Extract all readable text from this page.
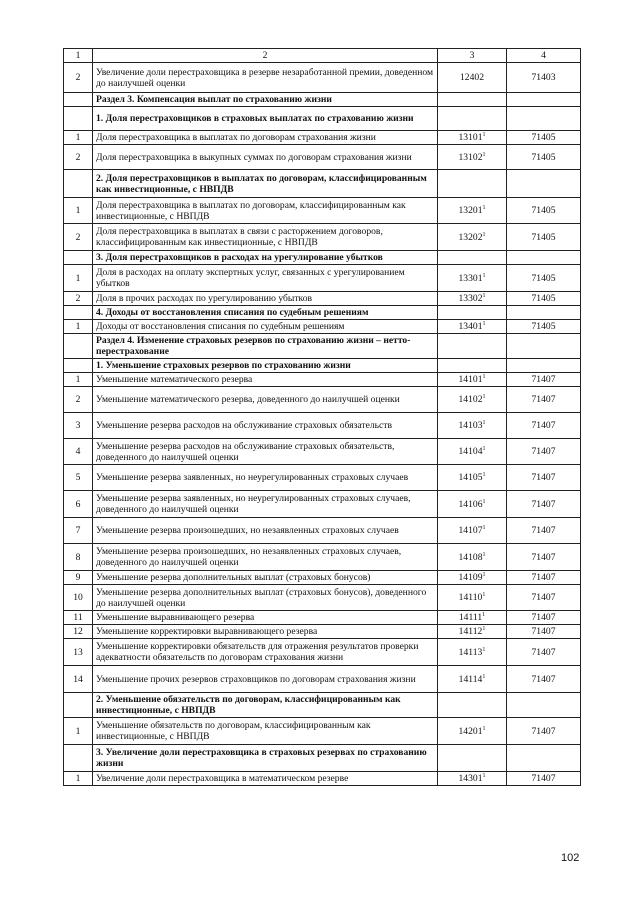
1	2	3	4
2	Увеличение доли перестраховщика в резерве незаработанной премии, доведенном до наилучшей оценки	12402	71403
	Раздел 3. Компенсация выплат по страхованию жизни		
	1. Доля перестраховщиков в страховых выплатах по страхованию жизни		
1	Доля перестраховщика в выплатах по договорам страхования жизни	13101$^1$	71405
2	Доля перестраховщика в выкупных суммах по договорам страхования жизни	13102$^1$	71405
	2. Доля перестраховщиков в выплатах по договорам, классифицированным как инвестиционные, с НВПДВ		
1	Доля перестраховщика в выплатах по договорам, классифицированным как инвестиционные, с НВПДВ	13201$^1$	71405
2	Доля перестраховщика в выплатах в связи с расторжением договоров, классифицированным как инвестиционные, с НВПДВ	13202$^1$	71405
	3. Доля перестраховщиков в расходах на урегулирование убытков		
1	Доля в расходах на оплату экспертных услуг, связанных с урегулированием убытков	13301$^1$	71405
2	Доля в прочих расходах по урегулированию убытков	13302$^1$	71405
	4. Доходы от восстановления списания по судебным решениям		
1	Доходы от восстановления списания по судебным решениям	13401$^1$	71405
	Раздел 4. Изменение страховых резервов по страхованию жизни – нетто-перестрахование		
	1. Уменьшение страховых резервов по страхованию жизни		
1	Уменьшение математического резерва	14101$^1$	71407
2	Уменьшение математического резерва, доведенного до наилучшей оценки	14102$^1$	71407
3	Уменьшение резерва расходов на обслуживание страховых обязательств	14103$^1$	71407
4	Уменьшение резерва расходов на обслуживание страховых обязательств, доведенного до наилучшей оценки	14104$^1$	71407
5	Уменьшение резерва заявленных, но неурегулированных страховых случаев	14105$^1$	71407
6	Уменьшение резерва заявленных, но неурегулированных страховых случаев, доведенного до наилучшей оценки	14106$^1$	71407
7	Уменьшение резерва произошедших, но незаявленных страховых случаев	14107$^1$	71407
8	Уменьшение резерва произошедших, но незаявленных страховых случаев, доведенного до наилучшей оценки	14108$^1$	71407
9	Уменьшение резерва дополнительных выплат (страховых бонусов)	14109$^1$	71407
10	Уменьшение резерва дополнительных выплат (страховых бонусов), доведенного до наилучшей оценки	14110$^1$	71407
11	Уменьшение выравнивающего резерва	14111$^1$	71407
12	Уменьшение корректировки выравнивающего резерва	14112$^1$	71407
13	Уменьшение корректировки обязательств для отражения результатов проверки адекватности обязательств по договорам страхования жизни	14113$^1$	71407
14	Уменьшение прочих резервов страховщиков по договорам страхования жизни	14114$^1$	71407
	2. Уменьшение обязательств по договорам, классифицированным как инвестиционные, с НВПДВ		
1	Уменьшение обязательств по договорам, классифицированным как инвестиционные, с НВПДВ	14201$^1$	71407
	3. Увеличение доли перестраховщика в страховых резервах по страхованию жизни		
1	Увеличение доли перестраховщика в математическом резерве	14301$^1$	71407
102
